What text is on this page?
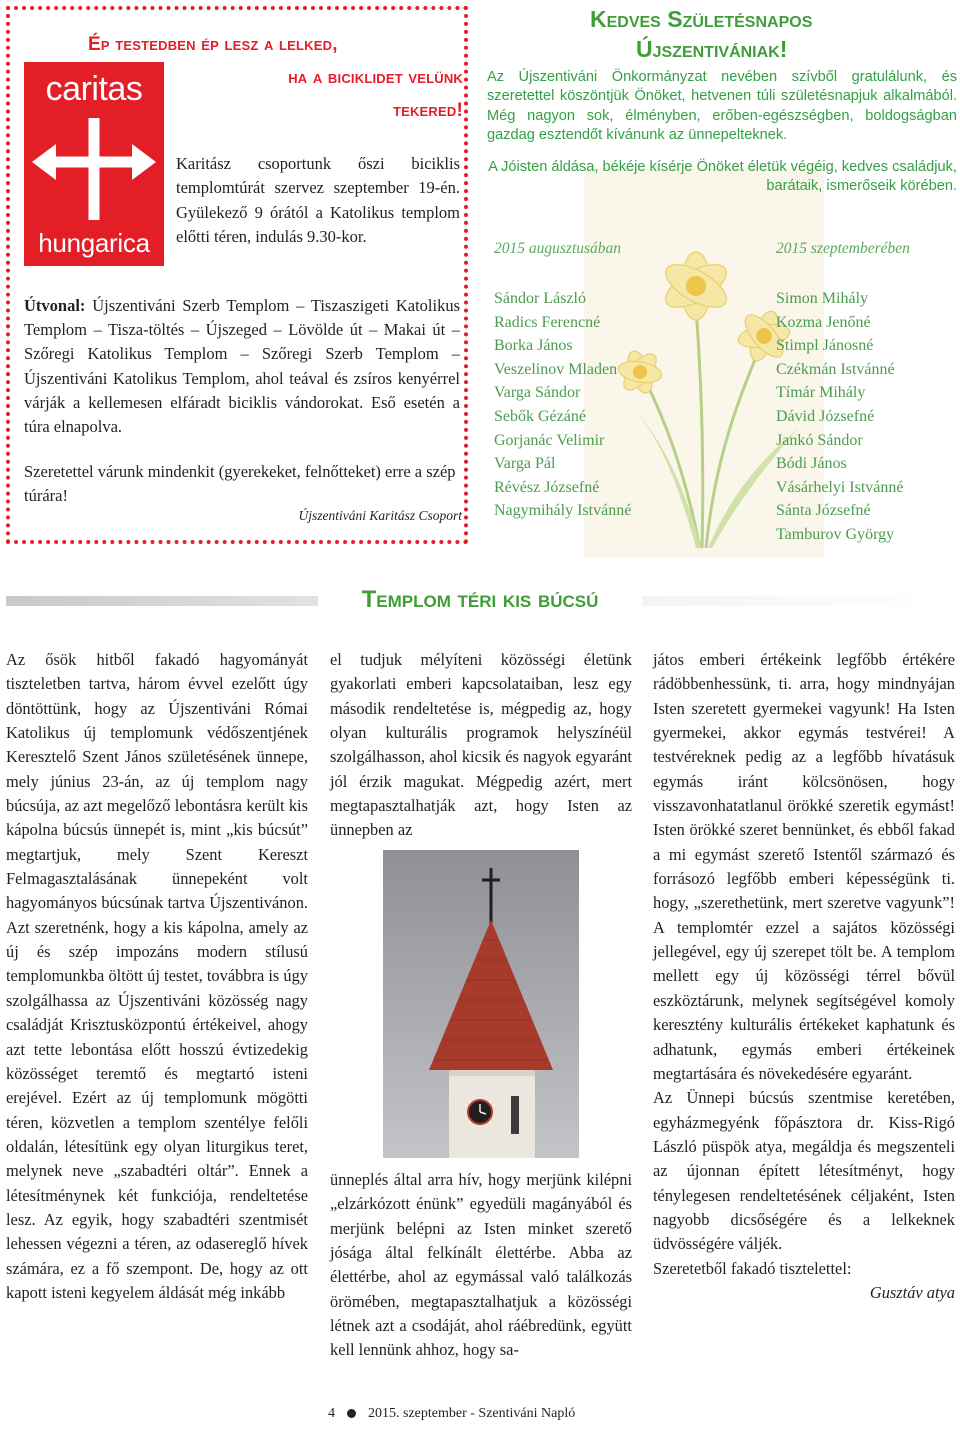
Ép testedben ép lesz a lelked,
ha a biciklidet velünk
tekered!
caritas
hungarica
Karitász csoportunk őszi biciklis templomtúrát szervez szeptember 19-én. Gyülekező 9 órától a Katolikus templom előtti téren, indulás 9.30-kor.
Útvonal: Újszentiváni Szerb Templom – Tiszaszigeti Katolikus Templom – Tisza-töltés – Újszeged – Lövölde út – Makai út – Szőregi Katolikus Templom – Szőregi Szerb Templom – Újszentiváni Katolikus Templom, ahol teával és zsíros kenyérrel várják a kellemesen elfáradt biciklis vándorokat. Eső esetén a túra elnapolva.
Szeretettel várunk mindenkit (gyerekeket, felnőtteket) erre a szép túrára!
Újszentiváni Karitász Csoport
Kedves Születésnapos
Újszentivániak!
Az Újszentiváni Önkormányzat nevében szívből gratulálunk, és szeretettel köszöntjük Önöket, hetvenen túli születésnapjuk alkalmából. Még nagyon sok, élményben, erőben-egészségben, boldogságban gazdag esztendőt kívánunk az ünnepelteknek.
A Jóisten áldása, békéje kísérje Önöket életük végéig, kedves családjuk, barátaik, ismerőseik körében.
2015 augusztusában	2015 szeptemberében
Sándor László
Radics Ferencné
Borka János
Veszelinov Mladen
Varga Sándor
Sebők Gézáné
Gorjanác Velimir
Varga Pál
Révész Józsefné
Nagymihály Istvánné
Simon Mihály
Kozma Jenőné
Stimpl Jánosné
Czékmán Istvánné
Tímár Mihály
Dávid Józsefné
Jankó Sándor
Bódi János
Vásárhelyi Istvánné
Sánta Józsefné
Tamburov György
Templom téri kis búcsú

Az ősök hitből fakadó hagyományát tiszteletben tartva, három évvel ezelőtt úgy döntöttünk, hogy az Újszentiváni Római Katolikus új templomunk védőszentjének Keresztelő Szent János születésének ünnepe, mely június 23-án, az új templom nagy búcsúja, az azt megelőző lebontásra került kis kápolna búcsús ünnepét is, mint „kis búcsút” megtartjuk, mely Szent Kereszt Felmagasztalásának ünnepeként volt hagyományos búcsúnak tartva Újszentivánon. Azt szeretnénk, hogy a kis kápolna, amely az új és szép impozáns modern stílusú templomunkba öltött új testet, továbbra is úgy szolgálhassa az Újszentiváni közösség nagy családját Krisztusközpontú értékeivel, ahogy azt tette lebontása előtt hosszú évtizedekig közösséget teremtő és megtartó isteni erejével. Ezért az új templomunk mögötti téren, közvetlen a templom szentélye felőli oldalán, létesítünk egy olyan liturgikus teret, melynek neve „szabadtéri oltár”. Ennek a létesítménynek két funkciója, rendeltetése lesz. Az egyik, hogy szabadtéri szentmisét lehessen végezni a téren, az odasereglő hívek számára, ez a fő szempont. De, hogy az ott kapott isteni kegyelem áldását még inkább

el tudjuk mélyíteni közösségi életünk gyakorlati emberi kapcsolataiban, lesz egy második rendeltetése is, mégpedig az, hogy olyan kulturális programok helyszínéül szolgálhasson, ahol kicsik és nagyok egyaránt jól érzik magukat. Mégpedig azért, mert megtapasztalhatják azt, hogy Isten az ünnepben az

ünneplés által arra hív, hogy merjünk kilépni „elzárkózott énünk” egyedüli magányából és merjünk belépni az Isten minket szerető jósága által felkínált élettérbe. Abba az élettérbe, ahol az egymással való találkozás örömében, megtapasztalhatjuk a közösségi létnek azt a csodáját, ahol ráébredünk, együtt kell lennünk ahhoz, hogy sa-

játos emberi értékeink legfőbb értékére rádöbbenhessünk, ti. arra, hogy mindnyájan Isten szeretett gyermekei vagyunk! Ha Isten gyermekei, akkor egymás testvérei! A testvéreknek pedig az a legfőbb hívatásuk egymás iránt kölcsönösen, hogy visszavonhatatlanul örökké szeretik egymást! Isten örökké szeret bennünket, és ebből fakad a mi egymást szerető Istentől származó és forrásozó legfőbb emberi képességünk ti. hogy, „szerethetünk, mert szeretve vagyunk”! A templomtér ezzel a sajátos közösségi jellegével, egy új szerepet tölt be. A templom mellett egy új közösségi térrel bővül eszköztárunk, melynek segítségével komoly keresztény kulturális értékeket kaphatunk és adhatunk, egymás emberi értékeinek megtartására és növekedésére egyaránt.

Az Ünnepi búcsús szentmise keretében, egyházmegyénk főpásztora dr. Kiss-Rigó László püspök atya, megáldja és megszenteli az újonnan épített létesítményt, hogy ténylegesen rendeltetésének céljaként, Isten nagyobb dicsőségére és a lelkeknek üdvösségére váljék.

Szeretetből fakadó tisztelettel:

Gusztáv atya

4 2015. szeptember - Szentiváni Napló
